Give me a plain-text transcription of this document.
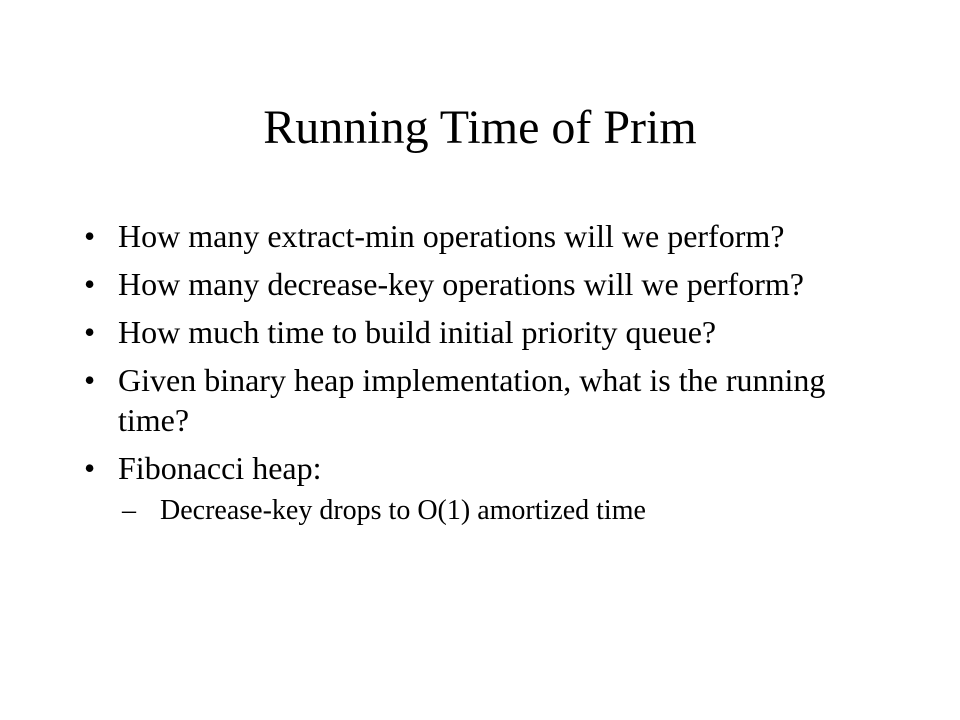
Running Time of Prim
• How many extract-min operations will we perform?
• How many decrease-key operations will we perform?
• How much time to build initial priority queue?
• Given binary heap implementation, what is the running time?
• Fibonacci heap:
– Decrease-key drops to O(1) amortized time
